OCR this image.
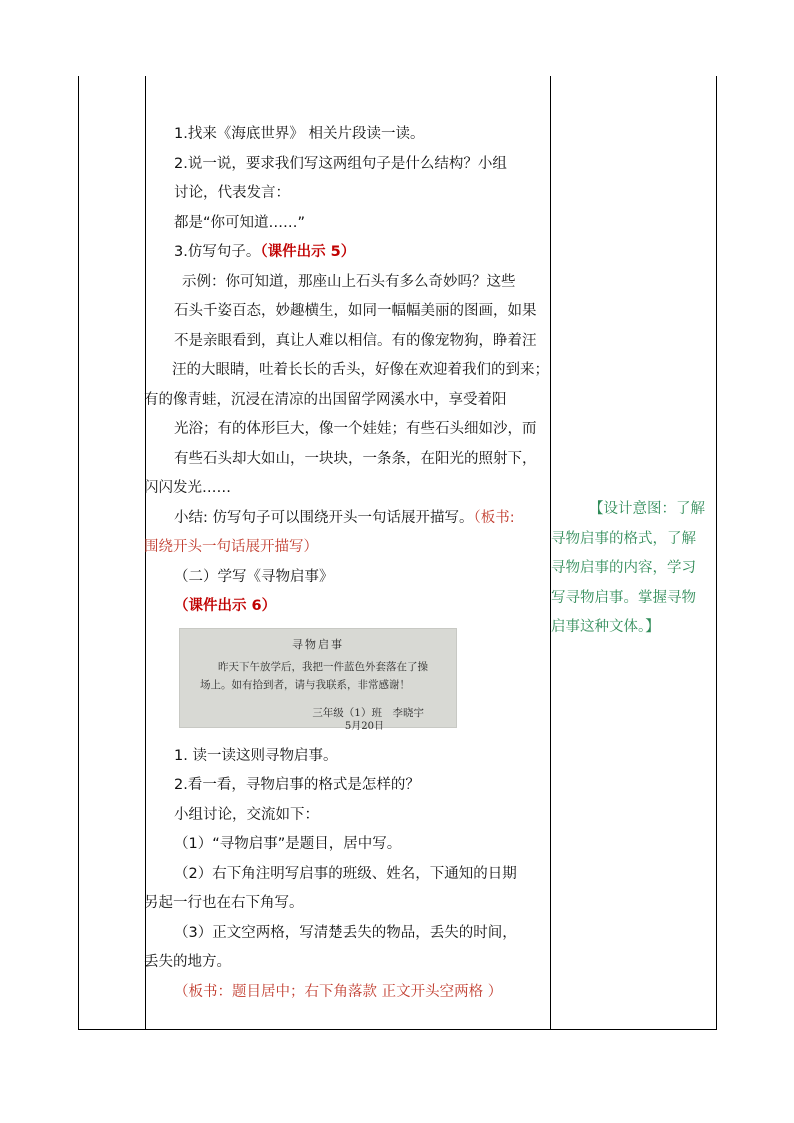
1.找来《海底世界》 相关片段读一读。

2.说一说，要求我们写这两组句子是什么结构？小组

讨论，代表发言：

都是“你可知道……”

3.仿写句子。（课件出示 5）

示例：你可知道，那座山上石头有多么奇妙吗？这些

石头千姿百态，妙趣横生，如同一幅幅美丽的图画，如果

不是亲眼看到，真让人难以相信。有的像宠物狗，睁着汪

汪的大眼睛，吐着长长的舌头，好像在欢迎着我们的到来；

有的像青蛙，沉浸在清凉的出国留学网溪水中，享受着阳

光浴；有的体形巨大，像一个娃娃；有些石头细如沙，而

有些石头却大如山，一块块，一条条，在阳光的照射下，

闪闪发光……

小结: 仿写句子可以围绕开头一句话展开描写。（板书:

围绕开头一句话展开描写）

（二）学写《寻物启事》

（课件出示 6）

寻物启事
昨天下午放学后，我把一件蓝色外套落在了操
场上。如有拾到者，请与我联系，非常感谢！
三年级（1）班　李晓宇
5月20日

1. 读一读这则寻物启事。

2.看一看，寻物启事的格式是怎样的？

小组讨论，交流如下：

（1）“寻物启事”是题目，居中写。

（2）右下角注明写启事的班级、姓名，下通知的日期

另起一行也在右下角写。

（3）正文空两格，写清楚丢失的物品，丢失的时间，

丢失的地方。

（板书：题目居中；右下角落款 正文开头空两格 ）

【设计意图：了解

寻物启事的格式，了解

寻物启事的内容，学习

写寻物启事。掌握寻物

启事这种文体。】
